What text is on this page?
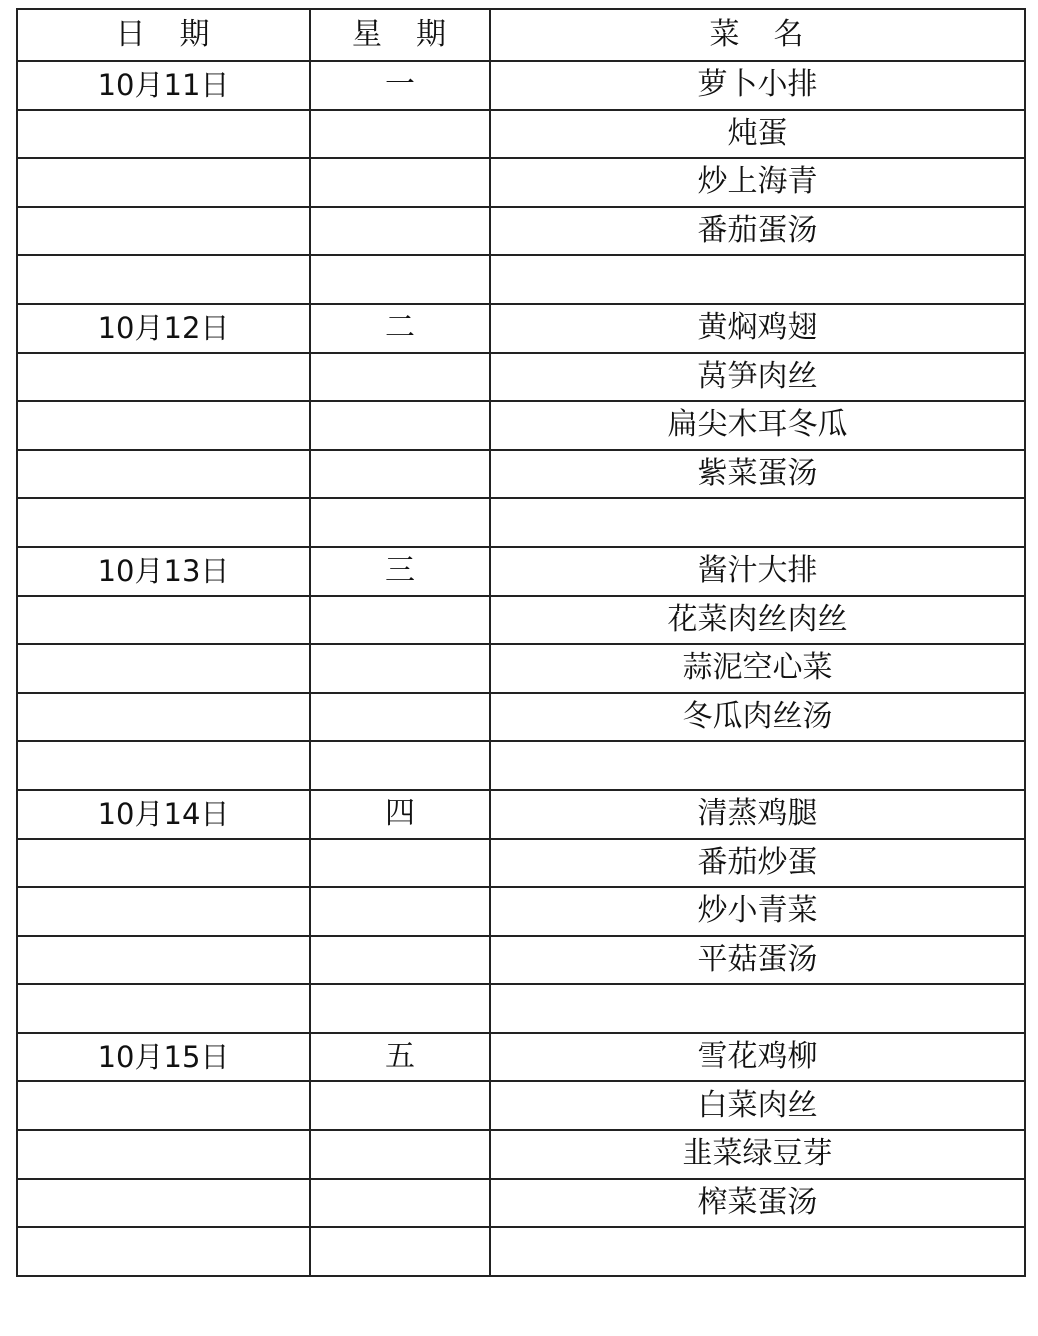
日　期	星　期	菜　名
10月11日	一	萝卜小排
		炖蛋
		炒上海青
		番茄蛋汤

10月12日	二	黄焖鸡翅
		莴笋肉丝
		扁尖木耳冬瓜
		紫菜蛋汤

10月13日	三	酱汁大排
		花菜肉丝肉丝
		蒜泥空心菜
		冬瓜肉丝汤

10月14日	四	清蒸鸡腿
		番茄炒蛋
		炒小青菜
		平菇蛋汤

10月15日	五	雪花鸡柳
		白菜肉丝
		韭菜绿豆芽
		榨菜蛋汤
